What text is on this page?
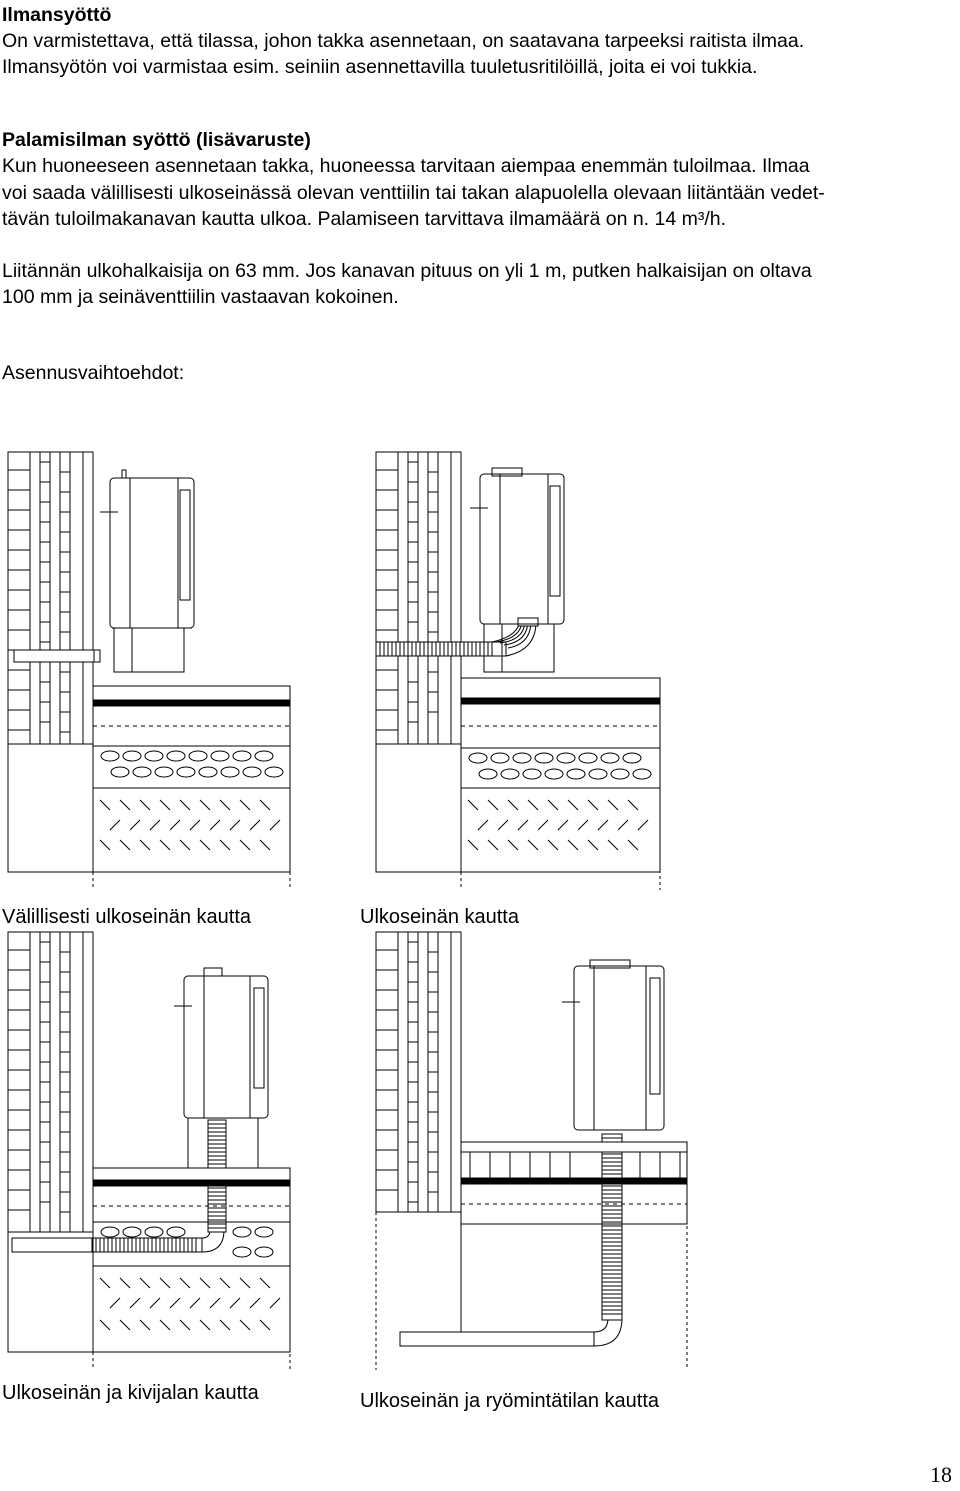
Ilmansyöttö
On varmistettava, että tilassa, johon takka asennetaan, on saatavana tarpeeksi raitista ilmaa.
Ilmansyötön voi varmistaa esim. seiniin asennettavilla tuuletusritilöillä, joita ei voi tukkia.
Palamisilman syöttö (lisävaruste)
Kun huoneeseen asennetaan takka, huoneessa tarvitaan aiempaa enemmän tuloilmaa. Ilmaa
voi saada välillisesti ulkoseinässä olevan venttiilin tai takan alapuolella olevaan liitäntään vedet-
tävän tuloilmakanavan kautta ulkoa. Palamiseen tarvittava ilmamäärä on n. 14 m³/h.
Liitännän ulkohalkaisija on 63 mm. Jos kanavan pituus on yli 1 m, putken halkaisijan on oltava
100 mm ja seinäventtiilin vastaavan kokoinen.
Asennusvaihtoehdot:
Välillisesti ulkoseinän kautta	Ulkoseinän kautta
Ulkoseinän ja kivijalan kautta	Ulkoseinän ja ryömintätilan kautta
18
